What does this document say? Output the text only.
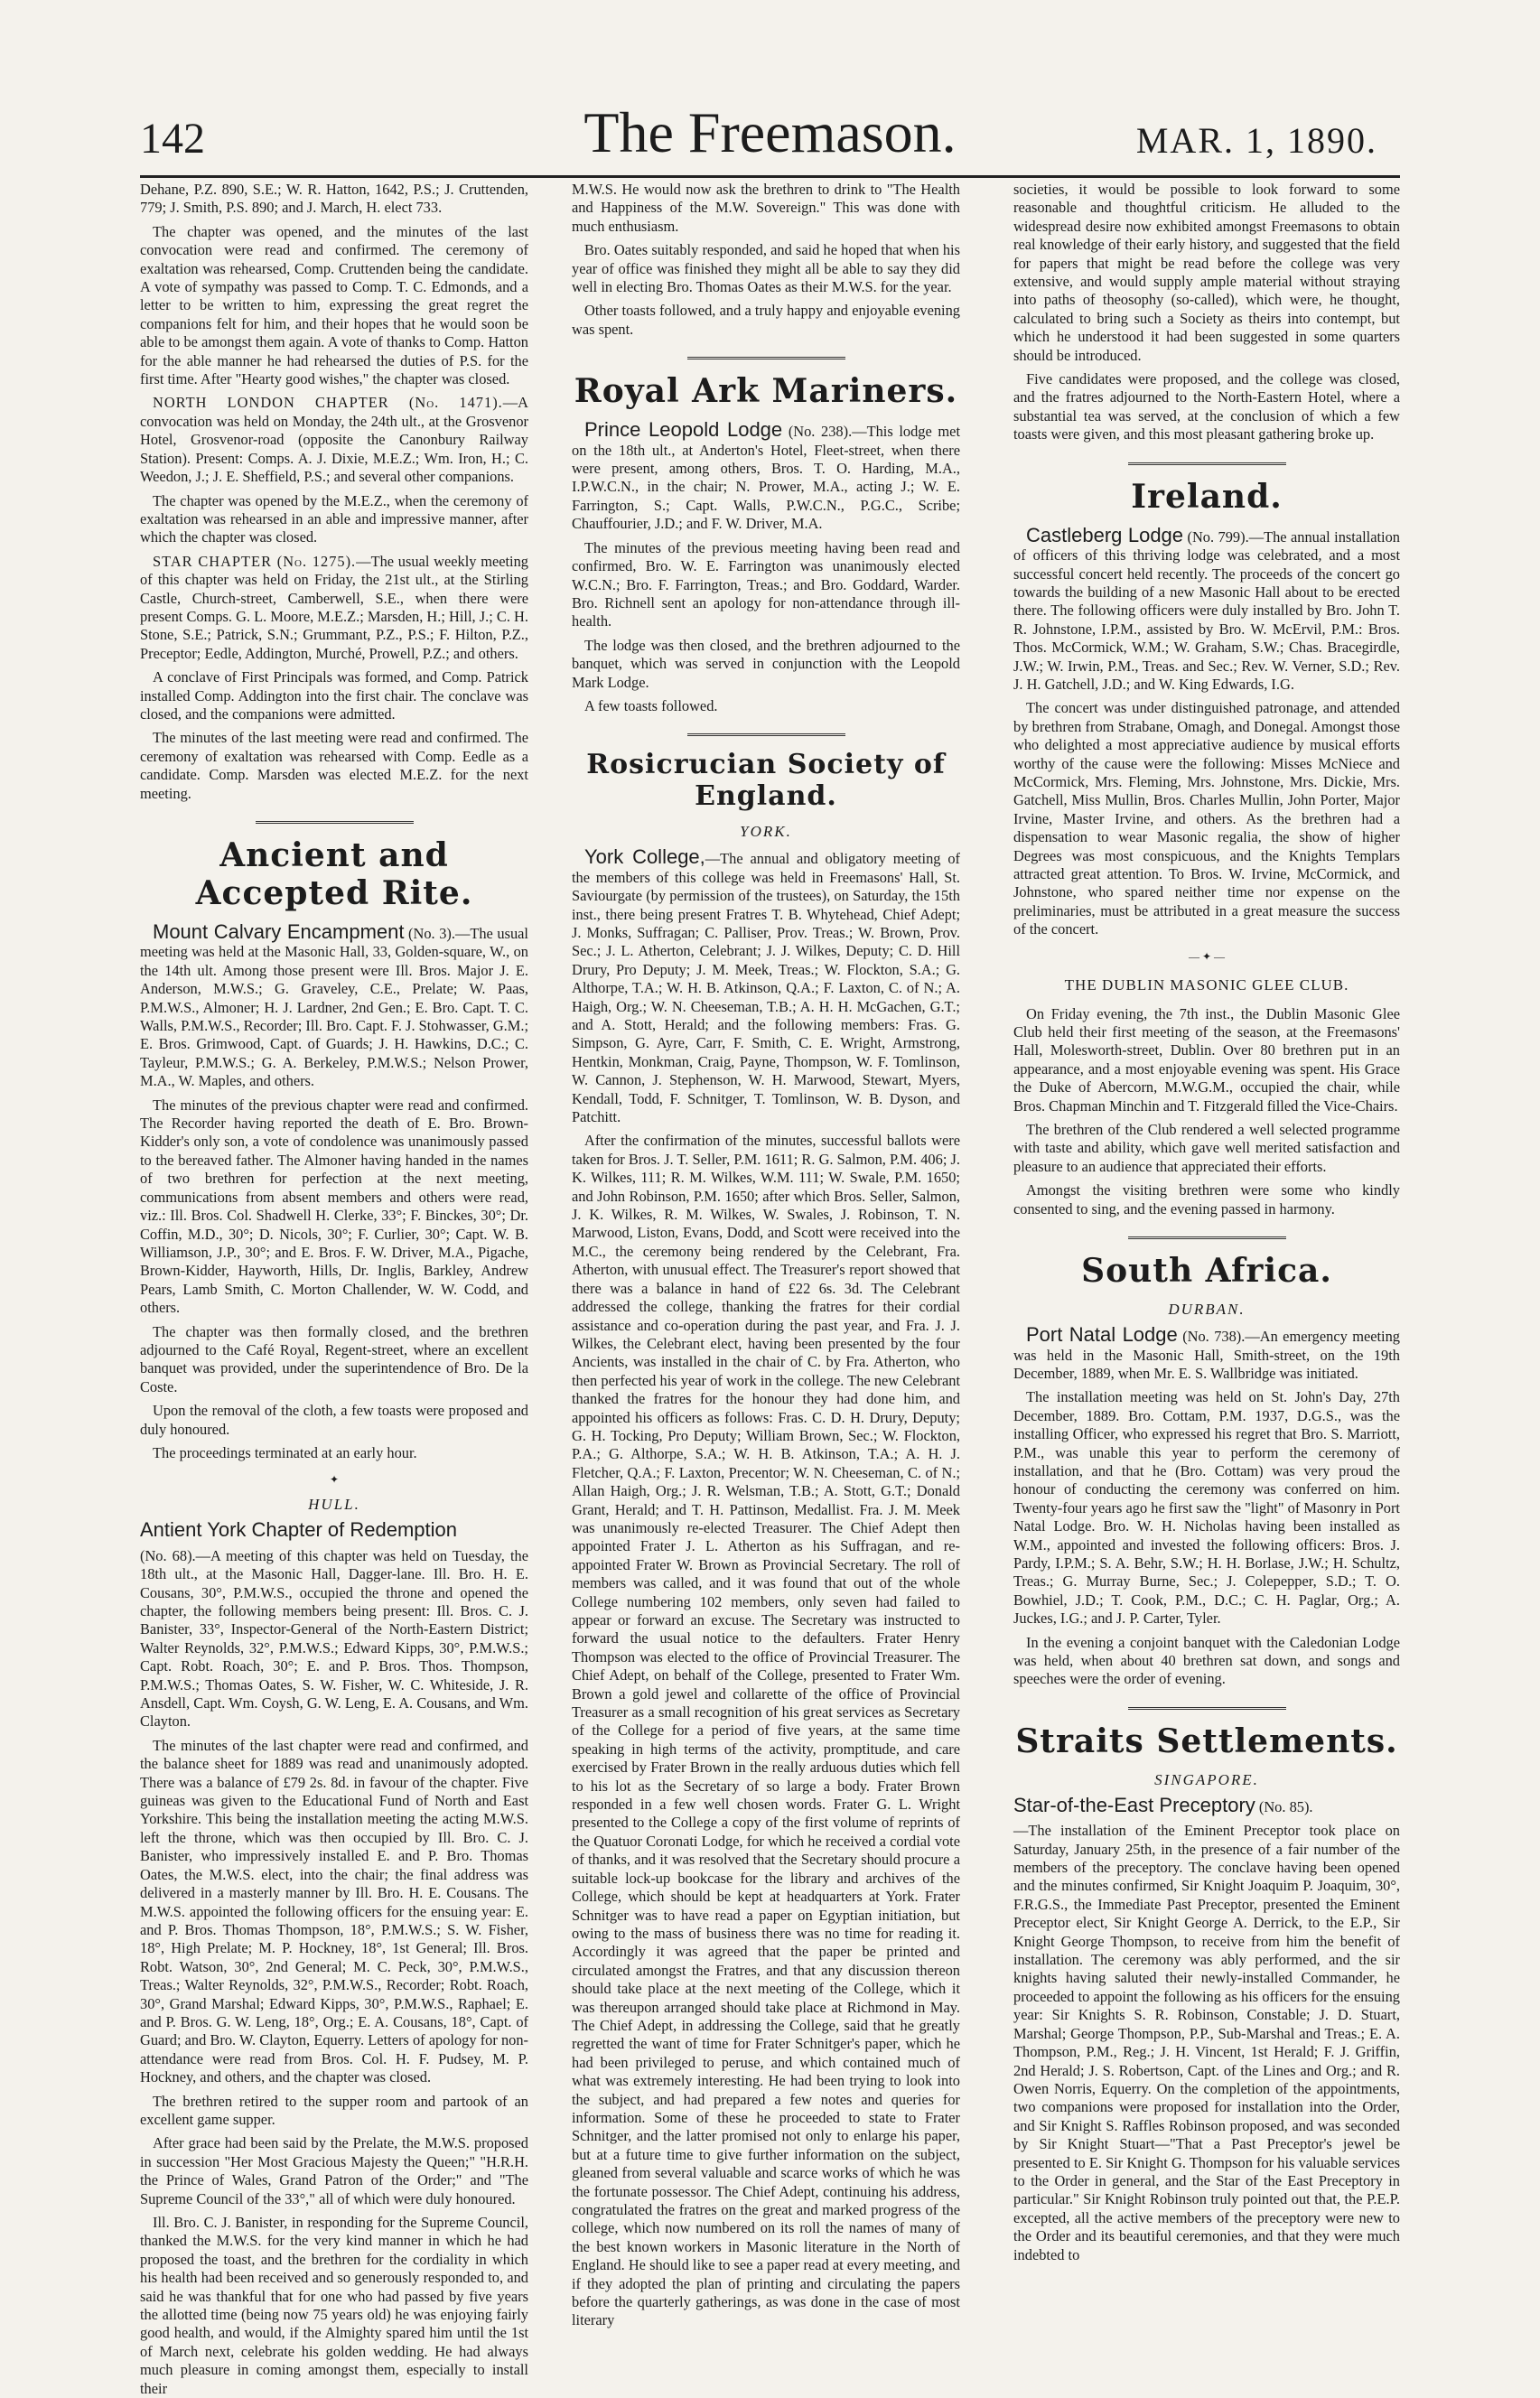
142	The Freemason.	MAR. 1, 1890.

Dehane, P.Z. 890, S.E.; W. R. Hatton, 1642, P.S.; J. Cruttenden, 779; J. Smith, P.S. 890; and J. March, H. elect 733.

The chapter was opened, and the minutes of the last convocation were read and confirmed. The ceremony of exaltation was rehearsed, Comp. Cruttenden being the candidate. A vote of sympathy was passed to Comp. T. C. Edmonds, and a letter to be written to him, expressing the great regret the companions felt for him, and their hopes that he would soon be able to be amongst them again. A vote of thanks to Comp. Hatton for the able manner he had rehearsed the duties of P.S. for the first time. After "Hearty good wishes," the chapter was closed.

NORTH LONDON CHAPTER (No. 1471).—A convocation was held on Monday, the 24th ult., at the Grosvenor Hotel, Grosvenor-road (opposite the Canonbury Railway Station). Present: Comps. A. J. Dixie, M.E.Z.; Wm. Iron, H.; C. Weedon, J.; J. E. Sheffield, P.S.; and several other companions.

The chapter was opened by the M.E.Z., when the ceremony of exaltation was rehearsed in an able and impressive manner, after which the chapter was closed.

STAR CHAPTER (No. 1275).—The usual weekly meeting of this chapter was held on Friday, the 21st ult., at the Stirling Castle, Church-street, Camberwell, S.E., when there were present Comps. G. L. Moore, M.E.Z.; Marsden, H.; Hill, J.; C. H. Stone, S.E.; Patrick, S.N.; Grummant, P.Z., P.S.; F. Hilton, P.Z., Preceptor; Eedle, Addington, Murché, Prowell, P.Z.; and others.

A conclave of First Principals was formed, and Comp. Patrick installed Comp. Addington into the first chair. The conclave was closed, and the companions were admitted.

The minutes of the last meeting were read and confirmed. The ceremony of exaltation was rehearsed with Comp. Eedle as a candidate. Comp. Marsden was elected M.E.Z. for the next meeting.

Ancient and Accepted Rite.

Mount Calvary Encampment (No. 3).—The usual meeting was held at the Masonic Hall, 33, Golden-square, W., on the 14th ult. Among those present were Ill. Bros. Major J. E. Anderson, M.W.S.; G. Graveley, C.E., Prelate; W. Paas, P.M.W.S., Almoner; H. J. Lardner, 2nd Gen.; E. Bro. Capt. T. C. Walls, P.M.W.S., Recorder; Ill. Bro. Capt. F. J. Stohwasser, G.M.; E. Bros. Grimwood, Capt. of Guards; J. H. Hawkins, D.C.; C. Tayleur, P.M.W.S.; G. A. Berkeley, P.M.W.S.; Nelson Prower, M.A., W. Maples, and others.

The minutes of the previous chapter were read and confirmed. The Recorder having reported the death of E. Bro. Brown-Kidder's only son, a vote of condolence was unanimously passed to the bereaved father. The Almoner having handed in the names of two brethren for perfection at the next meeting, communications from absent members and others were read, viz.: Ill. Bros. Col. Shadwell H. Clerke, 33°; F. Binckes, 30°; Dr. Coffin, M.D., 30°; D. Nicols, 30°; F. Curlier, 30°; Capt. W. B. Williamson, J.P., 30°; and E. Bros. F. W. Driver, M.A., Pigache, Brown-Kidder, Hayworth, Hills, Dr. Inglis, Barkley, Andrew Pears, Lamb Smith, C. Morton Challender, W. W. Codd, and others.

The chapter was then formally closed, and the brethren adjourned to the Café Royal, Regent-street, where an excellent banquet was provided, under the superintendence of Bro. De la Coste.

Upon the removal of the cloth, a few toasts were proposed and duly honoured.

The proceedings terminated at an early hour.

✦
HULL.

Antient York Chapter of Redemption

(No. 68).—A meeting of this chapter was held on Tuesday, the 18th ult., at the Masonic Hall, Dagger-lane. Ill. Bro. H. E. Cousans, 30°, P.M.W.S., occupied the throne and opened the chapter, the following members being present: Ill. Bros. C. J. Banister, 33°, Inspector-General of the North-Eastern District; Walter Reynolds, 32°, P.M.W.S.; Edward Kipps, 30°, P.M.W.S.; Capt. Robt. Roach, 30°; E. and P. Bros. Thos. Thompson, P.M.W.S.; Thomas Oates, S. W. Fisher, W. C. Whiteside, J. R. Ansdell, Capt. Wm. Coysh, G. W. Leng, E. A. Cousans, and Wm. Clayton.

The minutes of the last chapter were read and confirmed, and the balance sheet for 1889 was read and unanimously adopted. There was a balance of £79 2s. 8d. in favour of the chapter. Five guineas was given to the Educational Fund of North and East Yorkshire. This being the installation meeting the acting M.W.S. left the throne, which was then occupied by Ill. Bro. C. J. Banister, who impressively installed E. and P. Bro. Thomas Oates, the M.W.S. elect, into the chair; the final address was delivered in a masterly manner by Ill. Bro. H. E. Cousans. The M.W.S. appointed the following officers for the ensuing year: E. and P. Bros. Thomas Thompson, 18°, P.M.W.S.; S. W. Fisher, 18°, High Prelate; M. P. Hockney, 18°, 1st General; Ill. Bros. Robt. Watson, 30°, 2nd General; M. C. Peck, 30°, P.M.W.S., Treas.; Walter Reynolds, 32°, P.M.W.S., Recorder; Robt. Roach, 30°, Grand Marshal; Edward Kipps, 30°, P.M.W.S., Raphael; E. and P. Bros. G. W. Leng, 18°, Org.; E. A. Cousans, 18°, Capt. of Guard; and Bro. W. Clayton, Equerry. Letters of apology for non-attendance were read from Bros. Col. H. F. Pudsey, M. P. Hockney, and others, and the chapter was closed.

The brethren retired to the supper room and partook of an excellent game supper.

After grace had been said by the Prelate, the M.W.S. proposed in succession "Her Most Gracious Majesty the Queen;" "H.R.H. the Prince of Wales, Grand Patron of the Order;" and "The Supreme Council of the 33°," all of which were duly honoured.

Ill. Bro. C. J. Banister, in responding for the Supreme Council, thanked the M.W.S. for the very kind manner in which he had proposed the toast, and the brethren for the cordiality in which his health had been received and so generously responded to, and said he was thankful that for one who had passed by five years the allotted time (being now 75 years old) he was enjoying fairly good health, and would, if the Almighty spared him until the 1st of March next, celebrate his golden wedding. He had always much pleasure in coming amongst them, especially to install their

M.W.S. He would now ask the brethren to drink to "The Health and Happiness of the M.W. Sovereign." This was done with much enthusiasm.

Bro. Oates suitably responded, and said he hoped that when his year of office was finished they might all be able to say they did well in electing Bro. Thomas Oates as their M.W.S. for the year.

Other toasts followed, and a truly happy and enjoyable evening was spent.

Royal Ark Mariners.

Prince Leopold Lodge (No. 238).—This lodge met on the 18th ult., at Anderton's Hotel, Fleet-street, when there were present, among others, Bros. T. O. Harding, M.A., I.P.W.C.N., in the chair; N. Prower, M.A., acting J.; W. E. Farrington, S.; Capt. Walls, P.W.C.N., P.G.C., Scribe; Chauffourier, J.D.; and F. W. Driver, M.A.

The minutes of the previous meeting having been read and confirmed, Bro. W. E. Farrington was unanimously elected W.C.N.; Bro. F. Farrington, Treas.; and Bro. Goddard, Warder. Bro. Richnell sent an apology for non-attendance through ill-health.

The lodge was then closed, and the brethren adjourned to the banquet, which was served in conjunction with the Leopold Mark Lodge.

A few toasts followed.

Rosicrucian Society of England.
YORK.

York College,—The annual and obligatory meeting of the members of this college was held in Freemasons' Hall, St. Saviourgate (by permission of the trustees), on Saturday, the 15th inst., there being present Fratres T. B. Whytehead, Chief Adept; J. Monks, Suffragan; C. Palliser, Prov. Treas.; W. Brown, Prov. Sec.; J. L. Atherton, Celebrant; J. J. Wilkes, Deputy; C. D. Hill Drury, Pro Deputy; J. M. Meek, Treas.; W. Flockton, S.A.; G. Althorpe, T.A.; W. H. B. Atkinson, Q.A.; F. Laxton, C. of N.; A. Haigh, Org.; W. N. Cheeseman, T.B.; A. H. H. McGachen, G.T.; and A. Stott, Herald; and the following members: Fras. G. Simpson, G. Ayre, Carr, F. Smith, C. E. Wright, Armstrong, Hentkin, Monkman, Craig, Payne, Thompson, W. F. Tomlinson, W. Cannon, J. Stephenson, W. H. Marwood, Stewart, Myers, Kendall, Todd, F. Schnitger, T. Tomlinson, W. B. Dyson, and Patchitt.

After the confirmation of the minutes, successful ballots were taken for Bros. J. T. Seller, P.M. 1611; R. G. Salmon, P.M. 406; J. K. Wilkes, 111; R. M. Wilkes, W.M. 111; W. Swale, P.M. 1650; and John Robinson, P.M. 1650; after which Bros. Seller, Salmon, J. K. Wilkes, R. M. Wilkes, W. Swales, J. Robinson, T. N. Marwood, Liston, Evans, Dodd, and Scott were received into the M.C., the ceremony being rendered by the Celebrant, Fra. Atherton, with unusual effect. The Treasurer's report showed that there was a balance in hand of £22 6s. 3d. The Celebrant addressed the college, thanking the fratres for their cordial assistance and co-operation during the past year, and Fra. J. J. Wilkes, the Celebrant elect, having been presented by the four Ancients, was installed in the chair of C. by Fra. Atherton, who then perfected his year of work in the college. The new Celebrant thanked the fratres for the honour they had done him, and appointed his officers as follows: Fras. C. D. H. Drury, Deputy; G. H. Tocking, Pro Deputy; William Brown, Sec.; W. Flockton, P.A.; G. Althorpe, S.A.; W. H. B. Atkinson, T.A.; A. H. J. Fletcher, Q.A.; F. Laxton, Precentor; W. N. Cheeseman, C. of N.; Allan Haigh, Org.; J. R. Welsman, T.B.; A. Stott, G.T.; Donald Grant, Herald; and T. H. Pattinson, Medallist. Fra. J. M. Meek was unanimously re-elected Treasurer. The Chief Adept then appointed Frater J. L. Atherton as his Suffragan, and re-appointed Frater W. Brown as Provincial Secretary. The roll of members was called, and it was found that out of the whole College numbering 102 members, only seven had failed to appear or forward an excuse. The Secretary was instructed to forward the usual notice to the defaulters. Frater Henry Thompson was elected to the office of Provincial Treasurer. The Chief Adept, on behalf of the College, presented to Frater Wm. Brown a gold jewel and collarette of the office of Provincial Treasurer as a small recognition of his great services as Secretary of the College for a period of five years, at the same time speaking in high terms of the activity, promptitude, and care exercised by Frater Brown in the really arduous duties which fell to his lot as the Secretary of so large a body. Frater Brown responded in a few well chosen words. Frater G. L. Wright presented to the College a copy of the first volume of reprints of the Quatuor Coronati Lodge, for which he received a cordial vote of thanks, and it was resolved that the Secretary should procure a suitable lock-up bookcase for the library and archives of the College, which should be kept at headquarters at York. Frater Schnitger was to have read a paper on Egyptian initiation, but owing to the mass of business there was no time for reading it. Accordingly it was agreed that the paper be printed and circulated amongst the Fratres, and that any discussion thereon should take place at the next meeting of the College, which it was thereupon arranged should take place at Richmond in May. The Chief Adept, in addressing the College, said that he greatly regretted the want of time for Frater Schnitger's paper, which he had been privileged to peruse, and which contained much of what was extremely interesting. He had been trying to look into the subject, and had prepared a few notes and queries for information. Some of these he proceeded to state to Frater Schnitger, and the latter promised not only to enlarge his paper, but at a future time to give further information on the subject, gleaned from several valuable and scarce works of which he was the fortunate possessor. The Chief Adept, continuing his address, congratulated the fratres on the great and marked progress of the college, which now numbered on its roll the names of many of the best known workers in Masonic literature in the North of England. He should like to see a paper read at every meeting, and if they adopted the plan of printing and circulating the papers before the quarterly gatherings, as was done in the case of most literary

societies, it would be possible to look forward to some reasonable and thoughtful criticism. He alluded to the widespread desire now exhibited amongst Freemasons to obtain real knowledge of their early history, and suggested that the field for papers that might be read before the college was very extensive, and would supply ample material without straying into paths of theosophy (so-called), which were, he thought, calculated to bring such a Society as theirs into contempt, but which he understood it had been suggested in some quarters should be introduced.

Five candidates were proposed, and the college was closed, and the fratres adjourned to the North-Eastern Hotel, where a substantial tea was served, at the conclusion of which a few toasts were given, and this most pleasant gathering broke up.

Ireland.

Castleberg Lodge (No. 799).—The annual installation of officers of this thriving lodge was celebrated, and a most successful concert held recently. The proceeds of the concert go towards the building of a new Masonic Hall about to be erected there. The following officers were duly installed by Bro. John T. R. Johnstone, I.P.M., assisted by Bro. W. McErvil, P.M.: Bros. Thos. McCormick, W.M.; W. Graham, S.W.; Chas. Bracegirdle, J.W.; W. Irwin, P.M., Treas. and Sec.; Rev. W. Verner, S.D.; Rev. J. H. Gatchell, J.D.; and W. King Edwards, I.G.

The concert was under distinguished patronage, and attended by brethren from Strabane, Omagh, and Donegal. Amongst those who delighted a most appreciative audience by musical efforts worthy of the cause were the following: Misses McNiece and McCormick, Mrs. Fleming, Mrs. Johnstone, Mrs. Dickie, Mrs. Gatchell, Miss Mullin, Bros. Charles Mullin, John Porter, Major Irvine, Master Irvine, and others. As the brethren had a dispensation to wear Masonic regalia, the show of higher Degrees was most conspicuous, and the Knights Templars attracted great attention. To Bros. W. Irvine, McCormick, and Johnstone, who spared neither time nor expense on the preliminaries, must be attributed in a great measure the success of the concert.

— ✦ —
THE DUBLIN MASONIC GLEE CLUB.

On Friday evening, the 7th inst., the Dublin Masonic Glee Club held their first meeting of the season, at the Freemasons' Hall, Molesworth-street, Dublin. Over 80 brethren put in an appearance, and a most enjoyable evening was spent. His Grace the Duke of Abercorn, M.W.G.M., occupied the chair, while Bros. Chapman Minchin and T. Fitzgerald filled the Vice-Chairs.

The brethren of the Club rendered a well selected programme with taste and ability, which gave well merited satisfaction and pleasure to an audience that appreciated their efforts.

Amongst the visiting brethren were some who kindly consented to sing, and the evening passed in harmony.

South Africa.
DURBAN.

Port Natal Lodge (No. 738).—An emergency meeting was held in the Masonic Hall, Smith-street, on the 19th December, 1889, when Mr. E. S. Wallbridge was initiated.

The installation meeting was held on St. John's Day, 27th December, 1889. Bro. Cottam, P.M. 1937, D.G.S., was the installing Officer, who expressed his regret that Bro. S. Marriott, P.M., was unable this year to perform the ceremony of installation, and that he (Bro. Cottam) was very proud the honour of conducting the ceremony was conferred on him. Twenty-four years ago he first saw the "light" of Masonry in Port Natal Lodge. Bro. W. H. Nicholas having been installed as W.M., appointed and invested the following officers: Bros. J. Pardy, I.P.M.; S. A. Behr, S.W.; H. H. Borlase, J.W.; H. Schultz, Treas.; G. Murray Burne, Sec.; J. Colepepper, S.D.; T. O. Bowhiel, J.D.; T. Cook, P.M., D.C.; C. H. Paglar, Org.; A. Juckes, I.G.; and J. P. Carter, Tyler.

In the evening a conjoint banquet with the Caledonian Lodge was held, when about 40 brethren sat down, and songs and speeches were the order of evening.

Straits Settlements.
SINGAPORE.

Star-of-the-East Preceptory (No. 85).

—The installation of the Eminent Preceptor took place on Saturday, January 25th, in the presence of a fair number of the members of the preceptory. The conclave having been opened and the minutes confirmed, Sir Knight Joaquim P. Joaquim, 30°, F.R.G.S., the Immediate Past Preceptor, presented the Eminent Preceptor elect, Sir Knight George A. Derrick, to the E.P., Sir Knight George Thompson, to receive from him the benefit of installation. The ceremony was ably performed, and the sir knights having saluted their newly-installed Commander, he proceeded to appoint the following as his officers for the ensuing year: Sir Knights S. R. Robinson, Constable; J. D. Stuart, Marshal; George Thompson, P.P., Sub-Marshal and Treas.; E. A. Thompson, P.M., Reg.; J. H. Vincent, 1st Herald; F. J. Griffin, 2nd Herald; J. S. Robertson, Capt. of the Lines and Org.; and R. Owen Norris, Equerry. On the completion of the appointments, two companions were proposed for installation into the Order, and Sir Knight S. Raffles Robinson proposed, and was seconded by Sir Knight Stuart—"That a Past Preceptor's jewel be presented to E. Sir Knight G. Thompson for his valuable services to the Order in general, and the Star of the East Preceptory in particular." Sir Knight Robinson truly pointed out that, the P.E.P. excepted, all the active members of the preceptory were new to the Order and its beautiful ceremonies, and that they were much indebted to
